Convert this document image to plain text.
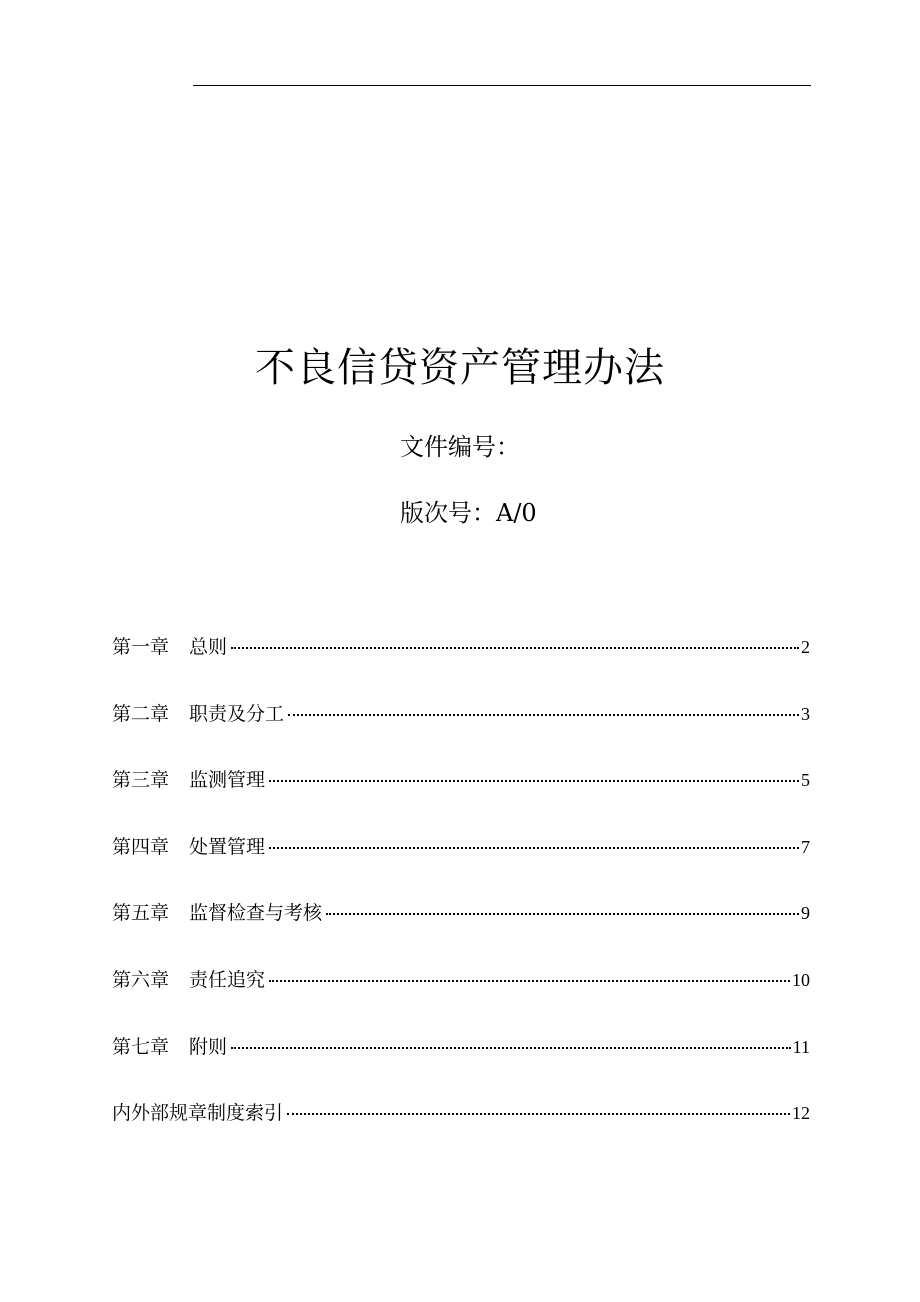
不良信贷资产管理办法
文件编号：
版次号：A/0
第一章 总则	2
第二章 职责及分工	3
第三章 监测管理	5
第四章 处置管理	7
第五章 监督检查与考核	9
第六章 责任追究	10
第七章 附则	11
内外部规章制度索引	12
